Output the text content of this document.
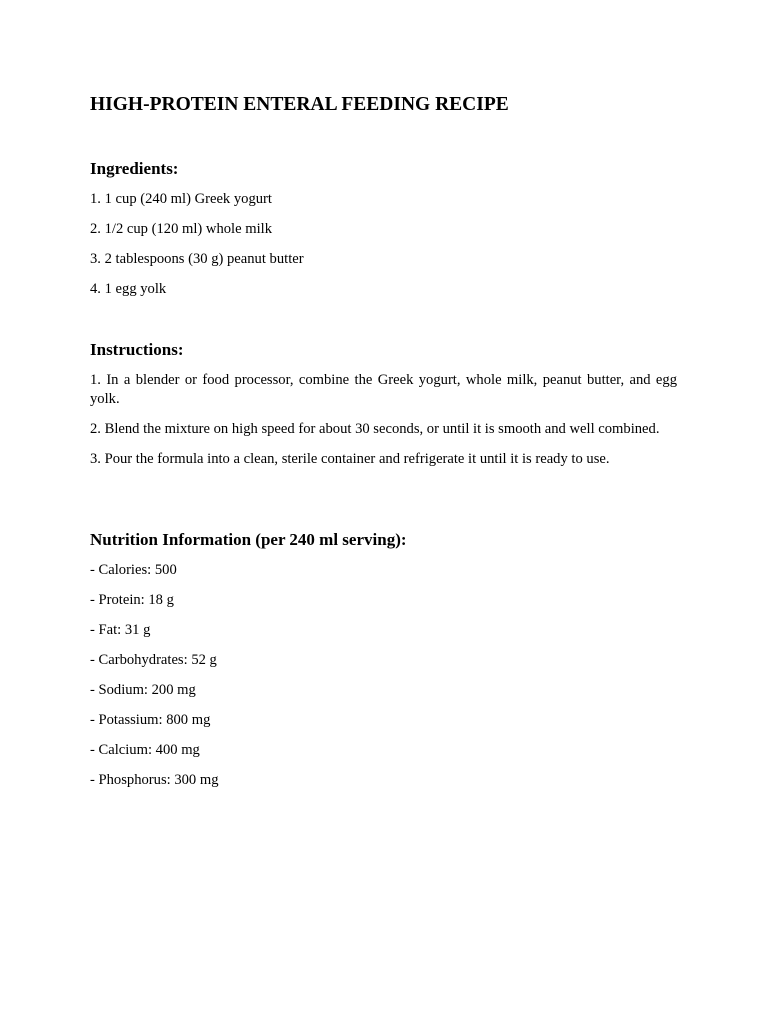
HIGH-PROTEIN ENTERAL FEEDING RECIPE
Ingredients:

1. 1 cup (240 ml) Greek yogurt

2. 1/2 cup (120 ml) whole milk

3. 2 tablespoons (30 g) peanut butter

4. 1 egg yolk

Instructions:

1. In a blender or food processor, combine the Greek yogurt, whole milk, peanut butter, and egg yolk.

2. Blend the mixture on high speed for about 30 seconds, or until it is smooth and well combined.

3. Pour the formula into a clean, sterile container and refrigerate it until it is ready to use.

Nutrition Information (per 240 ml serving):

- Calories: 500

- Protein: 18 g

- Fat: 31 g

- Carbohydrates: 52 g

- Sodium: 200 mg

- Potassium: 800 mg

- Calcium: 400 mg

- Phosphorus: 300 mg
